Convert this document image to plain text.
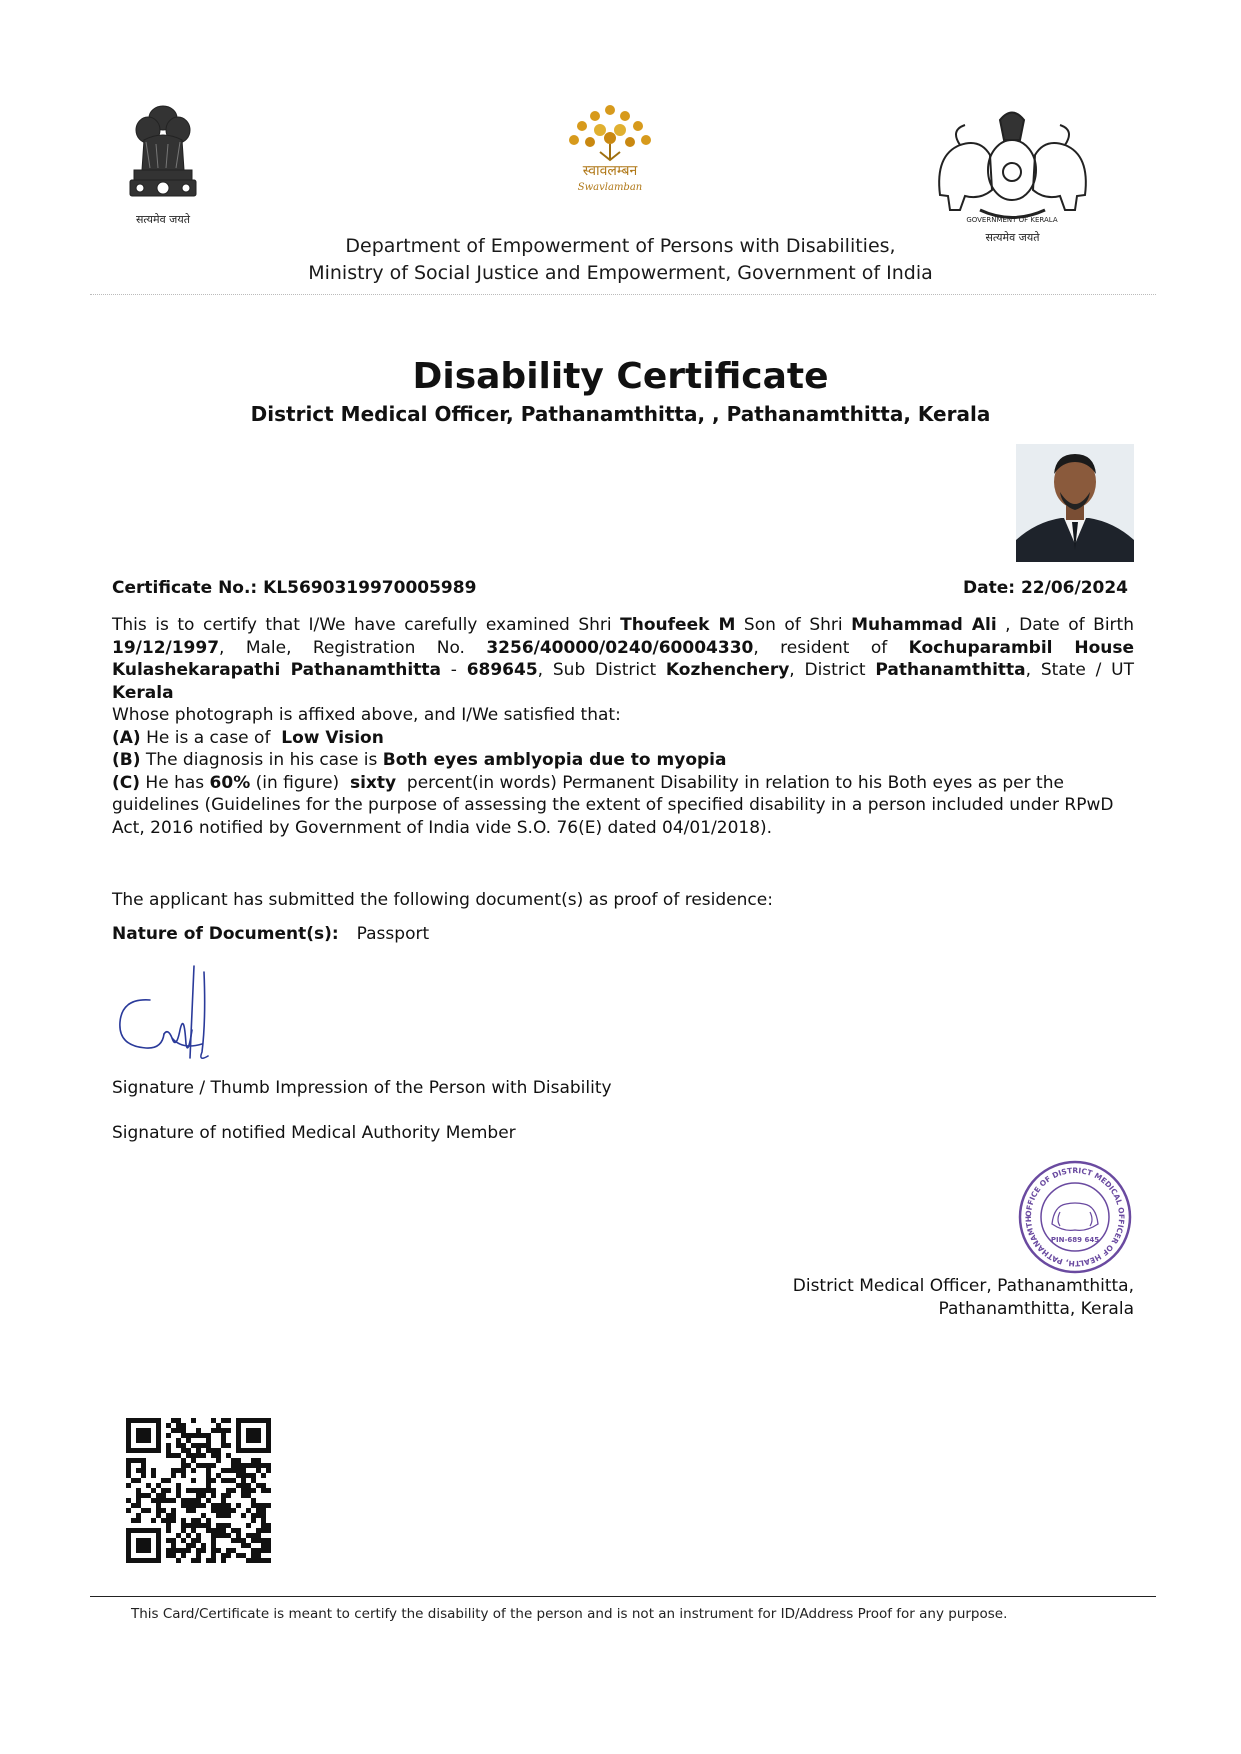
सत्यमेव जयते
स्वावलम्बन
Swavlamban
GOVERNMENT OF KERALA
सत्यमेव जयते
Department of Empowerment of Persons with Disabilities,
Ministry of Social Justice and Empowerment, Government of India
Disability Certificate
District Medical Officer, Pathanamthitta, , Pathanamthitta, Kerala
Certificate No.: KL5690319970005989	Date: 22/06/2024
This is to certify that I/We have carefully examined Shri Thoufeek M Son of Shri Muhammad Ali , Date of Birth 19/12/1997, Male, Registration No. 3256/40000/0240/60004330, resident of Kochuparambil House Kulashekarapathi Pathanamthitta - 689645, Sub District Kozhenchery, District Pathanamthitta, State / UT Kerala
Whose photograph is affixed above, and I/We satisfied that:
(A) He is a case of Low Vision
(B) The diagnosis in his case is Both eyes amblyopia due to myopia
(C) He has 60% (in figure) sixty percent(in words) Permanent Disability in relation to his Both eyes as per the guidelines (Guidelines for the purpose of assessing the extent of specified disability in a person included under RPwD Act, 2016 notified by Government of India vide S.O. 76(E) dated 04/01/2018).
The applicant has submitted the following document(s) as proof of residence:
Nature of Document(s): Passport
Signature / Thumb Impression of the Person with Disability
Signature of notified Medical Authority Member
OFFICE OF DISTRICT MEDICAL OFFICER OF HEALTH, PATHANAMTH
PIN-689 645
District Medical Officer, Pathanamthitta,
Pathanamthitta, Kerala
This Card/Certificate is meant to certify the disability of the person and is not an instrument for ID/Address Proof for any purpose.
